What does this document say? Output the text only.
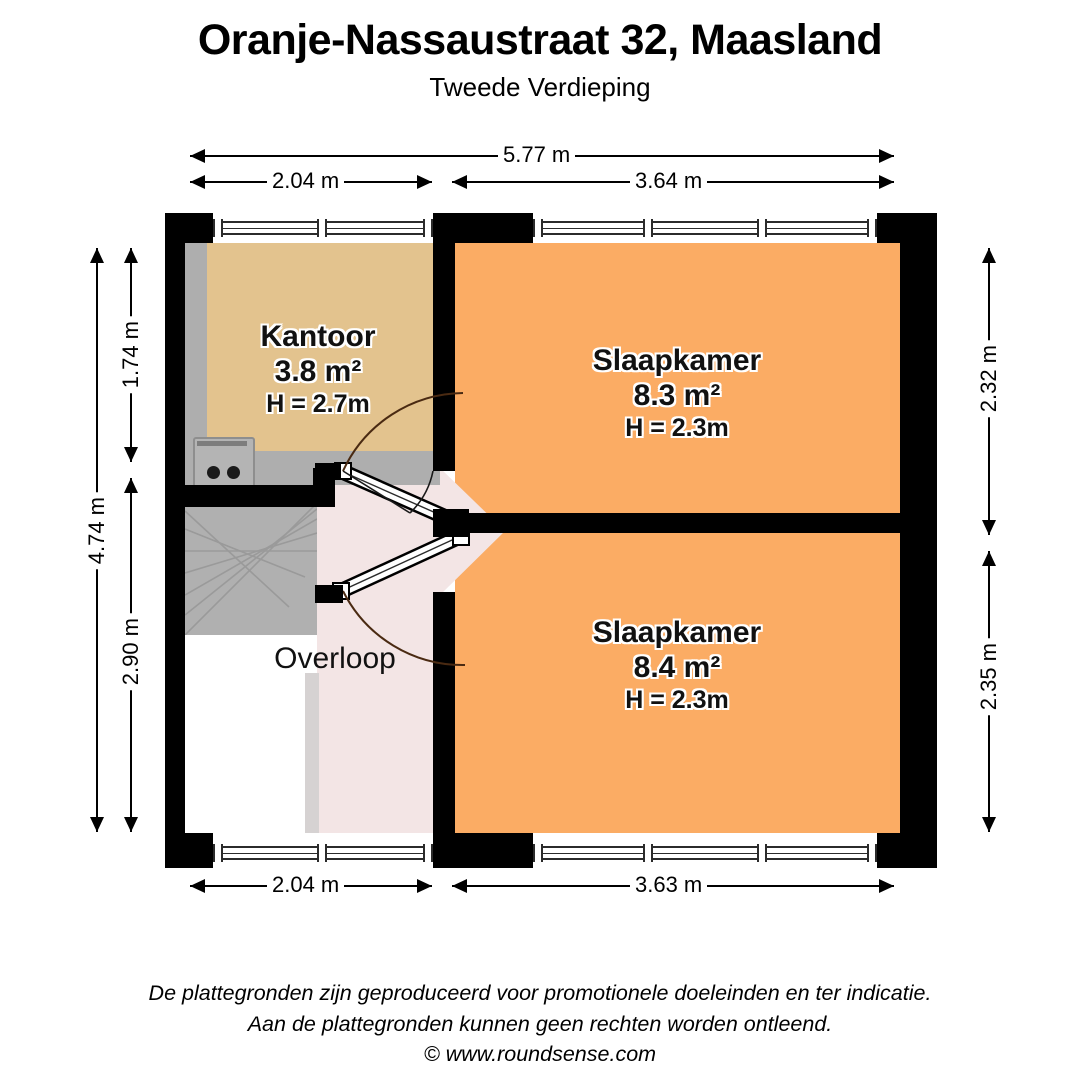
Oranje-Nassaustraat 32, Maasland
Tweede Verdieping
5.77 m
2.04 m	3.64 m
4.74 m
1.74 m
2.90 m
2.32 m
2.35 m
2.04 m	3.63 m
Kantoor
3.8 m²
H = 2.7m
Slaapkamer
8.3 m²
H = 2.3m
Slaapkamer
8.4 m²
H = 2.3m
Overloop
De plattegronden zijn geproduceerd voor promotionele doeleinden en ter indicatie.
Aan de plattegronden kunnen geen rechten worden ontleend.
© www.roundsense.com
